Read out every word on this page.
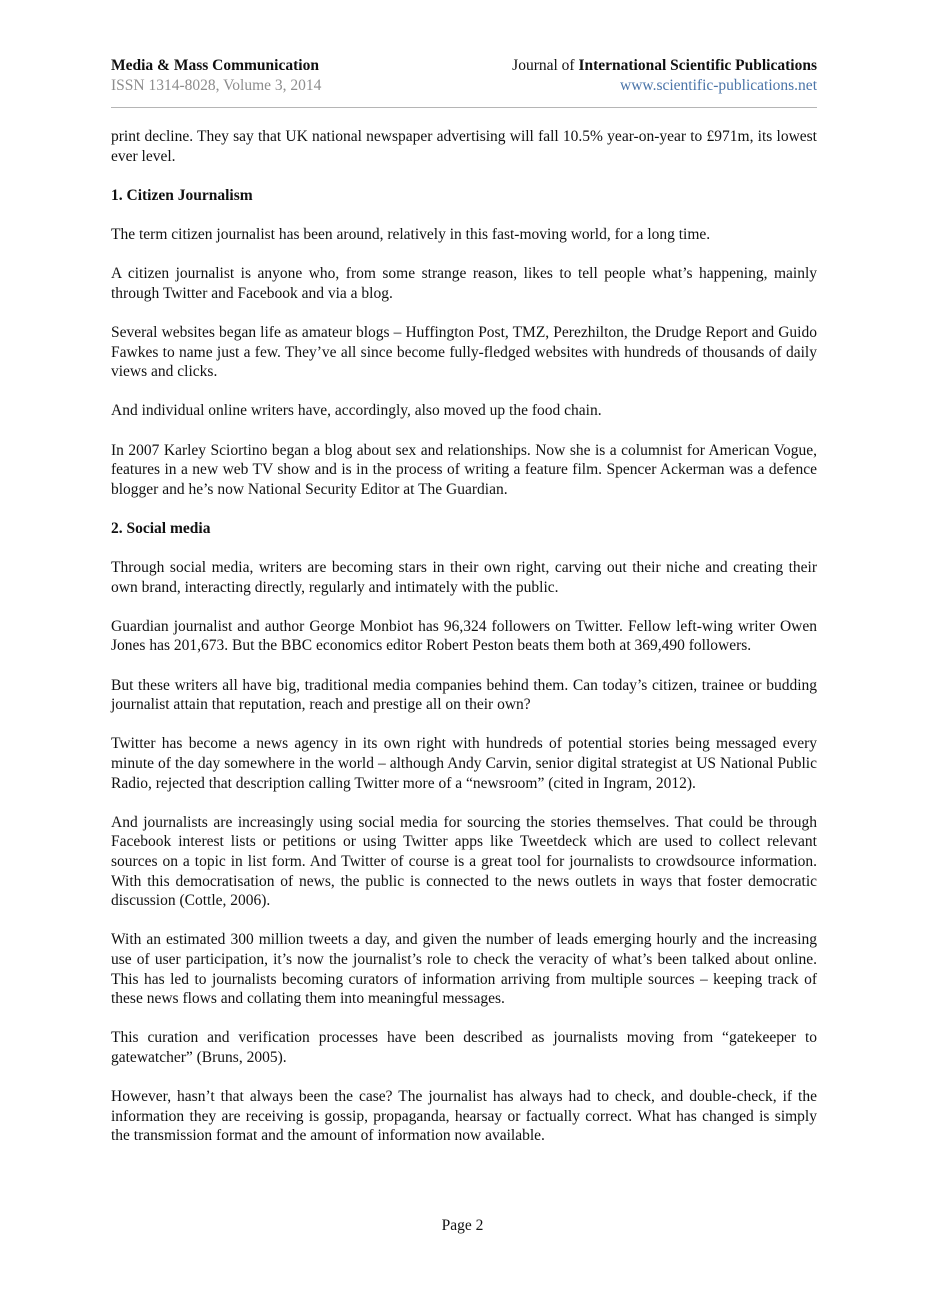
Media & Mass Communication	Journal of International Scientific Publications
ISSN 1314-8028, Volume 3, 2014	www.scientific-publications.net

print decline. They say that UK national newspaper advertising will fall 10.5% year-on-year to £971m, its lowest ever level.

1. Citizen Journalism

The term citizen journalist has been around, relatively in this fast-moving world, for a long time.

A citizen journalist is anyone who, from some strange reason, likes to tell people what’s happening, mainly through Twitter and Facebook and via a blog.

Several websites began life as amateur blogs – Huffington Post, TMZ, Perezhilton, the Drudge Report and Guido Fawkes to name just a few. They’ve all since become fully-fledged websites with hundreds of thousands of daily views and clicks.

And individual online writers have, accordingly, also moved up the food chain.

In 2007 Karley Sciortino began a blog about sex and relationships. Now she is a columnist for American Vogue, features in a new web TV show and is in the process of writing a feature film. Spencer Ackerman was a defence blogger and he’s now National Security Editor at The Guardian.

2. Social media

Through social media, writers are becoming stars in their own right, carving out their niche and creating their own brand, interacting directly, regularly and intimately with the public.

Guardian journalist and author George Monbiot has 96,324 followers on Twitter. Fellow left-wing writer Owen Jones has 201,673. But the BBC economics editor Robert Peston beats them both at 369,490 followers.

But these writers all have big, traditional media companies behind them. Can today’s citizen, trainee or budding journalist attain that reputation, reach and prestige all on their own?

Twitter has become a news agency in its own right with hundreds of potential stories being messaged every minute of the day somewhere in the world – although Andy Carvin, senior digital strategist at US National Public Radio, rejected that description calling Twitter more of a “newsroom” (cited in Ingram, 2012).

And journalists are increasingly using social media for sourcing the stories themselves. That could be through Facebook interest lists or petitions or using Twitter apps like Tweetdeck which are used to collect relevant sources on a topic in list form. And Twitter of course is a great tool for journalists to crowdsource information. With this democratisation of news, the public is connected to the news outlets in ways that foster democratic discussion (Cottle, 2006).

With an estimated 300 million tweets a day, and given the number of leads emerging hourly and the increasing use of user participation, it’s now the journalist’s role to check the veracity of what’s been talked about online. This has led to journalists becoming curators of information arriving from multiple sources – keeping track of these news flows and collating them into meaningful messages.

This curation and verification processes have been described as journalists moving from “gatekeeper to gatewatcher” (Bruns, 2005).

However, hasn’t that always been the case? The journalist has always had to check, and double-check, if the information they are receiving is gossip, propaganda, hearsay or factually correct. What has changed is simply the transmission format and the amount of information now available.

Page 2
